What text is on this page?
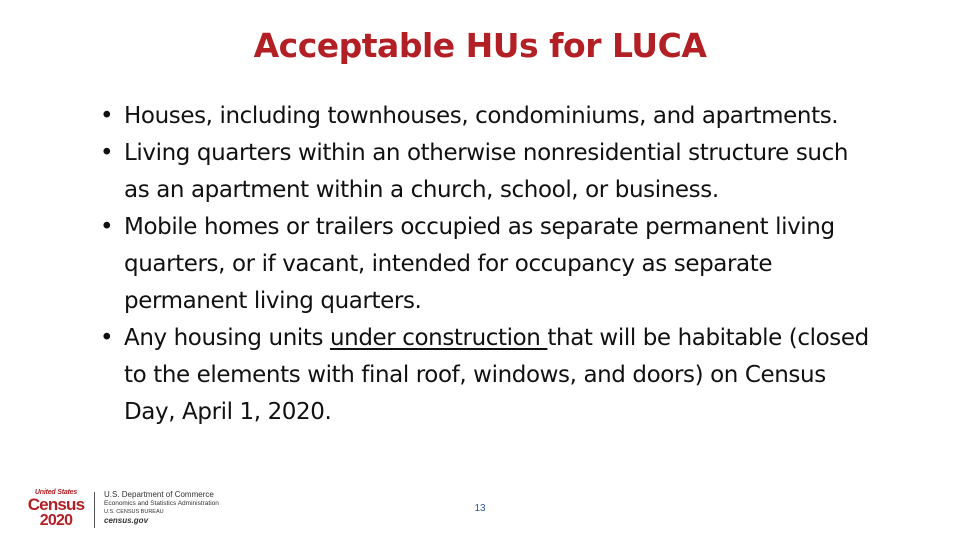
Acceptable HUs for LUCA
• Houses, including townhouses, condominiums, and apartments.
• Living quarters within an otherwise nonresidential structure such as an apartment within a church, school, or business.
• Mobile homes or trailers occupied as separate permanent living quarters, or if vacant, intended for occupancy as separate permanent living quarters.
• Any housing units under construction that will be habitable (closed to the elements with final roof, windows, and doors) on Census Day, April 1, 2020.
United States
Census
2020
U.S. Department of Commerce
Economics and Statistics Administration
U.S. CENSUS BUREAU
census.gov
13
